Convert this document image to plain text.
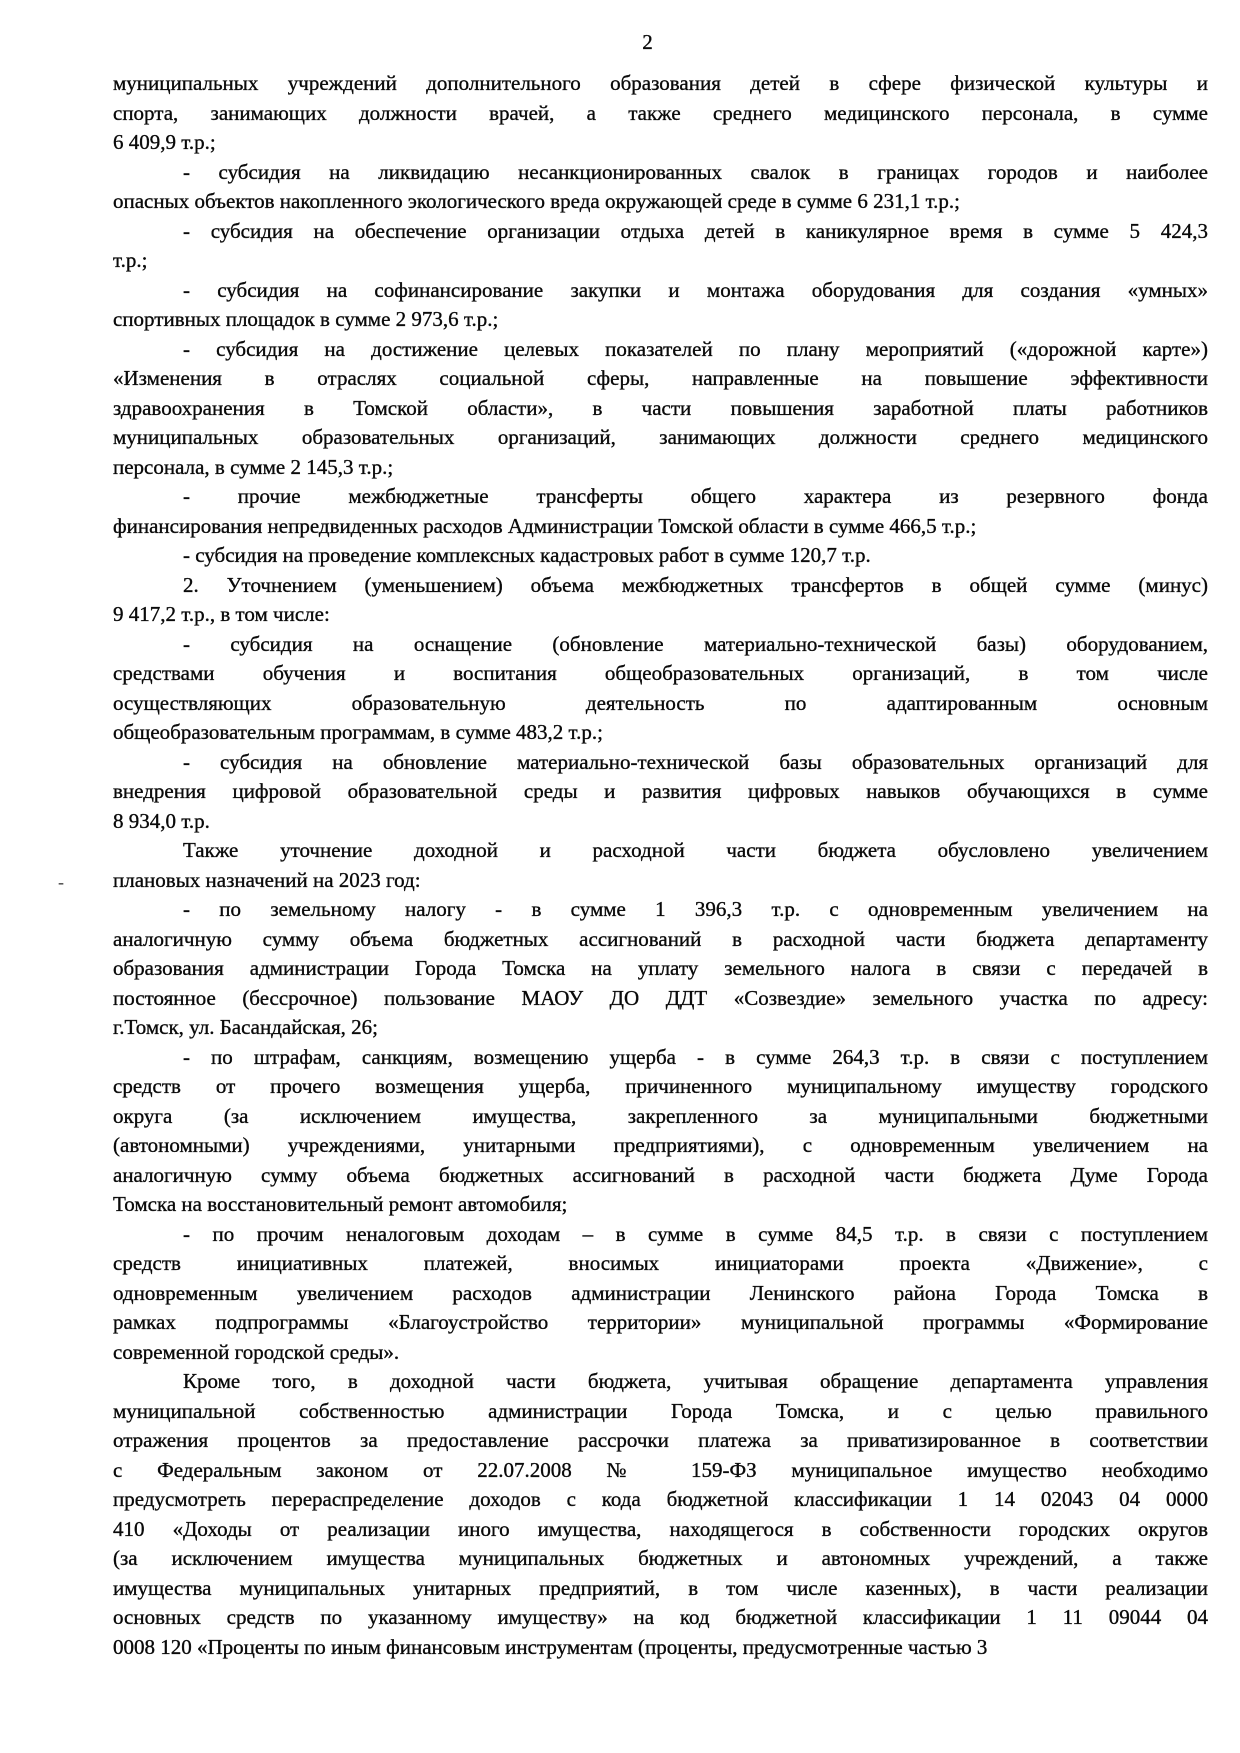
2
-
муниципальных учреждений дополнительного образования детей в сфере физической культуры и
спорта, занимающих должности врачей, а также среднего медицинского персонала, в сумме
6 409,9 т.р.;
- субсидия на ликвидацию несанкционированных свалок в границах городов и наиболее
опасных объектов накопленного экологического вреда окружающей среде в сумме 6 231,1 т.р.;
- субсидия на обеспечение организации отдыха детей в каникулярное время в сумме 5 424,3
т.р.;
- субсидия на софинансирование закупки и монтажа оборудования для создания «умных»
спортивных площадок в сумме 2 973,6 т.р.;
- субсидия на достижение целевых показателей по плану мероприятий («дорожной карте»)
«Изменения в отраслях социальной сферы, направленные на повышение эффективности
здравоохранения в Томской области», в части повышения заработной платы работников
муниципальных образовательных организаций, занимающих должности среднего медицинского
персонала, в сумме 2 145,3 т.р.;
- прочие межбюджетные трансферты общего характера из резервного фонда
финансирования непредвиденных расходов Администрации Томской области в сумме 466,5 т.р.;
- субсидия на проведение комплексных кадастровых работ в сумме 120,7 т.р.
2. Уточнением (уменьшением) объема межбюджетных трансфертов в общей сумме (минус)
9 417,2 т.р., в том числе:
- субсидия на оснащение (обновление материально-технической базы) оборудованием,
средствами обучения и воспитания общеобразовательных организаций, в том числе
осуществляющих образовательную деятельность по адаптированным основным
общеобразовательным программам, в сумме 483,2 т.р.;
- субсидия на обновление материально-технической базы образовательных организаций для
внедрения цифровой образовательной среды и развития цифровых навыков обучающихся в сумме
8 934,0 т.р.
Также уточнение доходной и расходной части бюджета обусловлено увеличением
плановых назначений на 2023 год:
- по земельному налогу - в сумме 1 396,3 т.р. с одновременным увеличением на
аналогичную сумму объема бюджетных ассигнований в расходной части бюджета департаменту
образования администрации Города Томска на уплату земельного налога в связи с передачей в
постоянное (бессрочное) пользование МАОУ ДО ДДТ «Созвездие» земельного участка по адресу:
г.Томск, ул. Басандайская, 26;
- по штрафам, санкциям, возмещению ущерба - в сумме 264,3 т.р. в связи с поступлением
средств от прочего возмещения ущерба, причиненного муниципальному имуществу городского
округа (за исключением имущества, закрепленного за муниципальными бюджетными
(автономными) учреждениями, унитарными предприятиями), с одновременным увеличением на
аналогичную сумму объема бюджетных ассигнований в расходной части бюджета Думе Города
Томска на восстановительный ремонт автомобиля;
- по прочим неналоговым доходам – в сумме в сумме 84,5 т.р. в связи с поступлением
средств инициативных платежей, вносимых инициаторами проекта «Движение», с
одновременным увеличением расходов администрации Ленинского района Города Томска в
рамках подпрограммы «Благоустройство территории» муниципальной программы «Формирование
современной городской среды».
Кроме того, в доходной части бюджета, учитывая обращение департамента управления
муниципальной собственностью администрации Города Томска, и с целью правильного
отражения процентов за предоставление рассрочки платежа за приватизированное в соответствии
с Федеральным законом от 22.07.2008 № 159-ФЗ муниципальное имущество необходимо
предусмотреть перераспределение доходов с кода бюджетной классификации 1 14 02043 04 0000
410 «Доходы от реализации иного имущества, находящегося в собственности городских округов
(за исключением имущества муниципальных бюджетных и автономных учреждений, а также
имущества муниципальных унитарных предприятий, в том числе казенных), в части реализации
основных средств по указанному имуществу» на код бюджетной классификации 1 11 09044 04
0008 120 «Проценты по иным финансовым инструментам (проценты, предусмотренные частью 3
